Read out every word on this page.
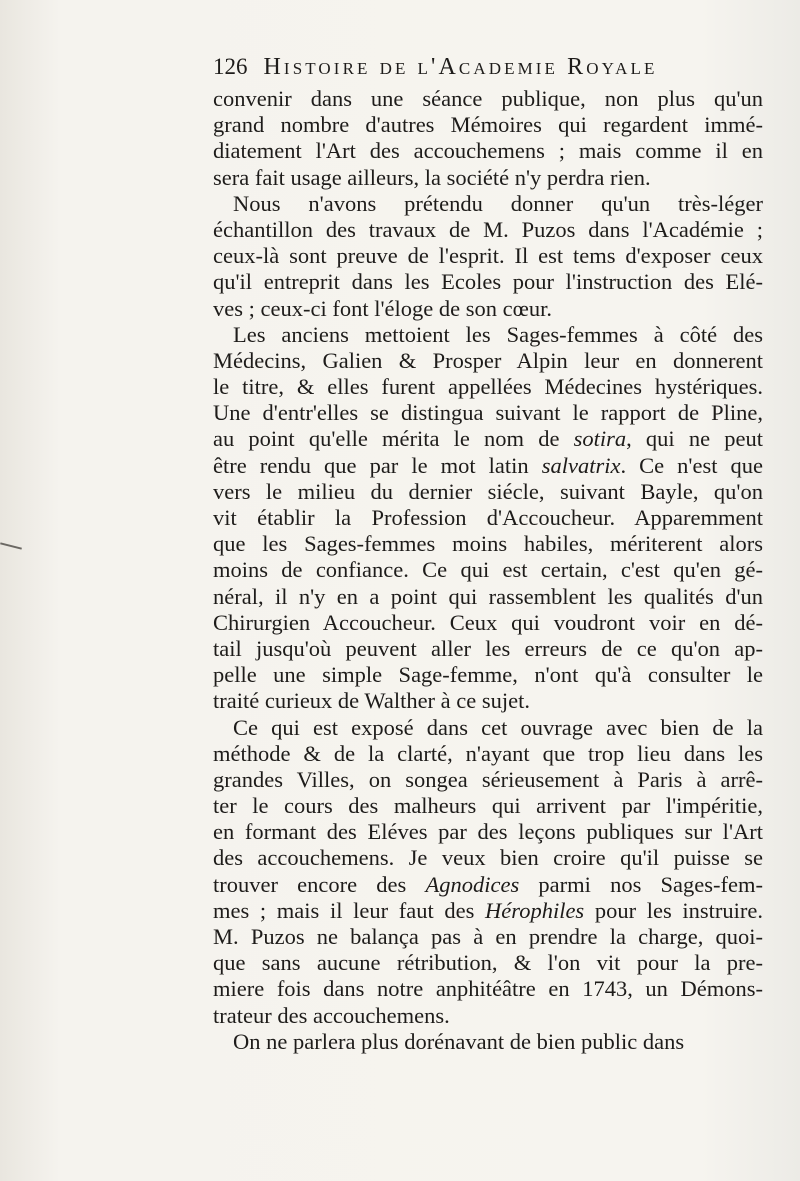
126 Histoire de l'Academie Royale
convenir dans une séance publique, non plus qu'un
grand nombre d'autres Mémoires qui regardent immé-
diatement l'Art des accouchemens ; mais comme il en
sera fait usage ailleurs, la société n'y perdra rien.
Nous n'avons prétendu donner qu'un très-léger
échantillon des travaux de M. Puzos dans l'Académie ;
ceux-là sont preuve de l'esprit. Il est tems d'exposer ceux
qu'il entreprit dans les Ecoles pour l'instruction des Elé-
ves ; ceux-ci font l'éloge de son cœur.
Les anciens mettoient les Sages-femmes à côté des
Médecins, Galien & Prosper Alpin leur en donnerent
le titre, & elles furent appellées Médecines hystériques.
Une d'entr'elles se distingua suivant le rapport de Pline,
au point qu'elle mérita le nom de sotira, qui ne peut
être rendu que par le mot latin salvatrix. Ce n'est que
vers le milieu du dernier siécle, suivant Bayle, qu'on
vit établir la Profession d'Accoucheur. Apparemment
que les Sages-femmes moins habiles, mériterent alors
moins de confiance. Ce qui est certain, c'est qu'en gé-
néral, il n'y en a point qui rassemblent les qualités d'un
Chirurgien Accoucheur. Ceux qui voudront voir en dé-
tail jusqu'où peuvent aller les erreurs de ce qu'on ap-
pelle une simple Sage-femme, n'ont qu'à consulter le
traité curieux de Walther à ce sujet.
Ce qui est exposé dans cet ouvrage avec bien de la
méthode & de la clarté, n'ayant que trop lieu dans les
grandes Villes, on songea sérieusement à Paris à arrê-
ter le cours des malheurs qui arrivent par l'impéritie,
en formant des Eléves par des leçons publiques sur l'Art
des accouchemens. Je veux bien croire qu'il puisse se
trouver encore des Agnodices parmi nos Sages-fem-
mes ; mais il leur faut des Hérophiles pour les instruire.
M. Puzos ne balança pas à en prendre la charge, quoi-
que sans aucune rétribution, & l'on vit pour la pre-
miere fois dans notre anphitéâtre en 1743, un Démons-
trateur des accouchemens.
On ne parlera plus dorénavant de bien public dans
